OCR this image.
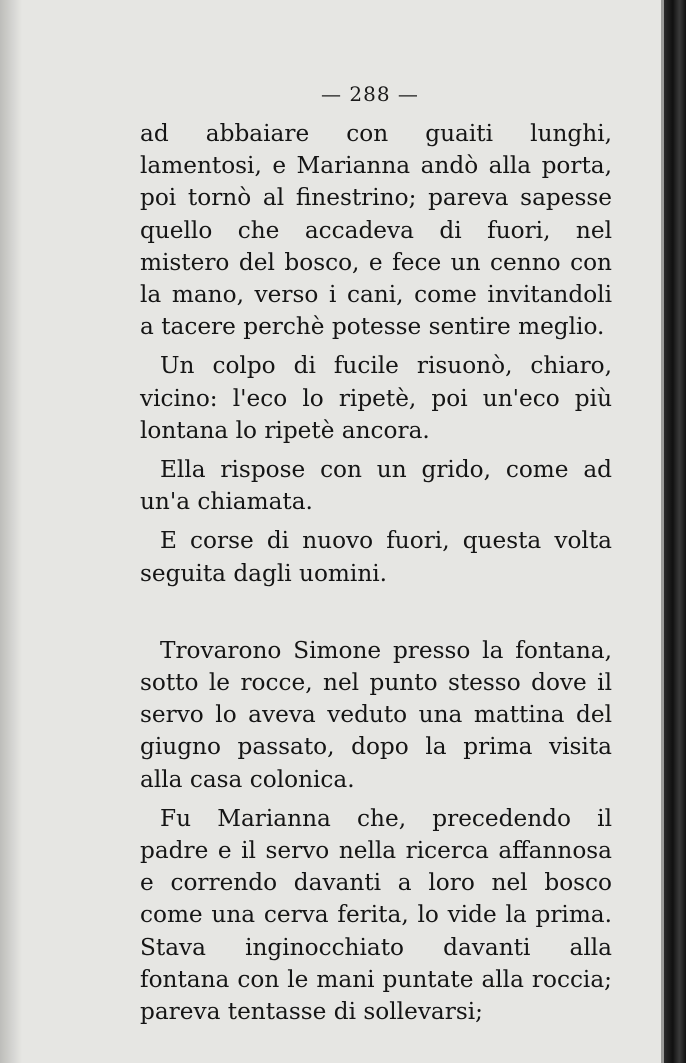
— 288 —

ad abbaiare con guaiti lunghi, lamentosi, e Marianna andò alla porta, poi tornò al finestrino; pareva sapesse quello che accadeva di fuori, nel mistero del bosco, e fece un cenno con la mano, verso i cani, come invitandoli a tacere perchè potesse sentire meglio.

Un colpo di fucile risuonò, chiaro, vicino: l'eco lo ripetè, poi un'eco più lontana lo ripetè ancora.

Ella rispose con un grido, come ad un'a chiamata.

E corse di nuovo fuori, questa volta seguita dagli uomini.

Trovarono Simone presso la fontana, sotto le rocce, nel punto stesso dove il servo lo aveva veduto una mattina del giugno passato, dopo la prima visita alla casa colonica.

Fu Marianna che, precedendo il padre e il servo nella ricerca affannosa e correndo davanti a loro nel bosco come una cerva ferita, lo vide la prima. Stava inginocchiato davanti alla fontana con le mani puntate alla roccia; pareva tentasse di sollevarsi;
